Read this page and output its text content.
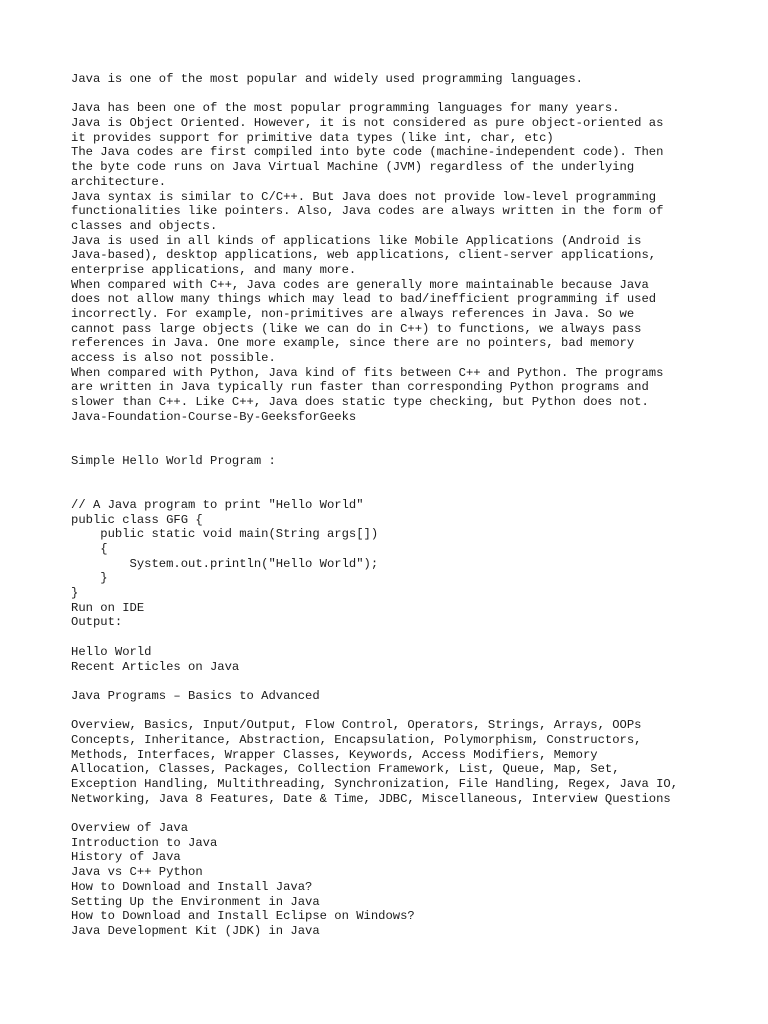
Java is one of the most popular and widely used programming languages.
Java has been one of the most popular programming languages for many years.
Java is Object Oriented. However, it is not considered as pure object-oriented as
it provides support for primitive data types (like int, char, etc)
The Java codes are first compiled into byte code (machine-independent code). Then
the byte code runs on Java Virtual Machine (JVM) regardless of the underlying
architecture.
Java syntax is similar to C/C++. But Java does not provide low-level programming
functionalities like pointers. Also, Java codes are always written in the form of
classes and objects.
Java is used in all kinds of applications like Mobile Applications (Android is
Java-based), desktop applications, web applications, client-server applications,
enterprise applications, and many more.
When compared with C++, Java codes are generally more maintainable because Java
does not allow many things which may lead to bad/inefficient programming if used
incorrectly. For example, non-primitives are always references in Java. So we
cannot pass large objects (like we can do in C++) to functions, we always pass
references in Java. One more example, since there are no pointers, bad memory
access is also not possible.
When compared with Python, Java kind of fits between C++ and Python. The programs
are written in Java typically run faster than corresponding Python programs and
slower than C++. Like C++, Java does static type checking, but Python does not.
Java-Foundation-Course-By-GeeksforGeeks
Simple Hello World Program :
// A Java program to print "Hello World"
public class GFG {
public static void main(String args[])
{
System.out.println("Hello World");
}
}
Run on IDE
Output:
Hello World
Recent Articles on Java
Java Programs – Basics to Advanced
Overview, Basics, Input/Output, Flow Control, Operators, Strings, Arrays, OOPs
Concepts, Inheritance, Abstraction, Encapsulation, Polymorphism, Constructors,
Methods, Interfaces, Wrapper Classes, Keywords, Access Modifiers, Memory
Allocation, Classes, Packages, Collection Framework, List, Queue, Map, Set,
Exception Handling, Multithreading, Synchronization, File Handling, Regex, Java IO,
Networking, Java 8 Features, Date & Time, JDBC, Miscellaneous, Interview Questions
Overview of Java
Introduction to Java
History of Java
Java vs C++ Python
How to Download and Install Java?
Setting Up the Environment in Java
How to Download and Install Eclipse on Windows?
Java Development Kit (JDK) in Java
